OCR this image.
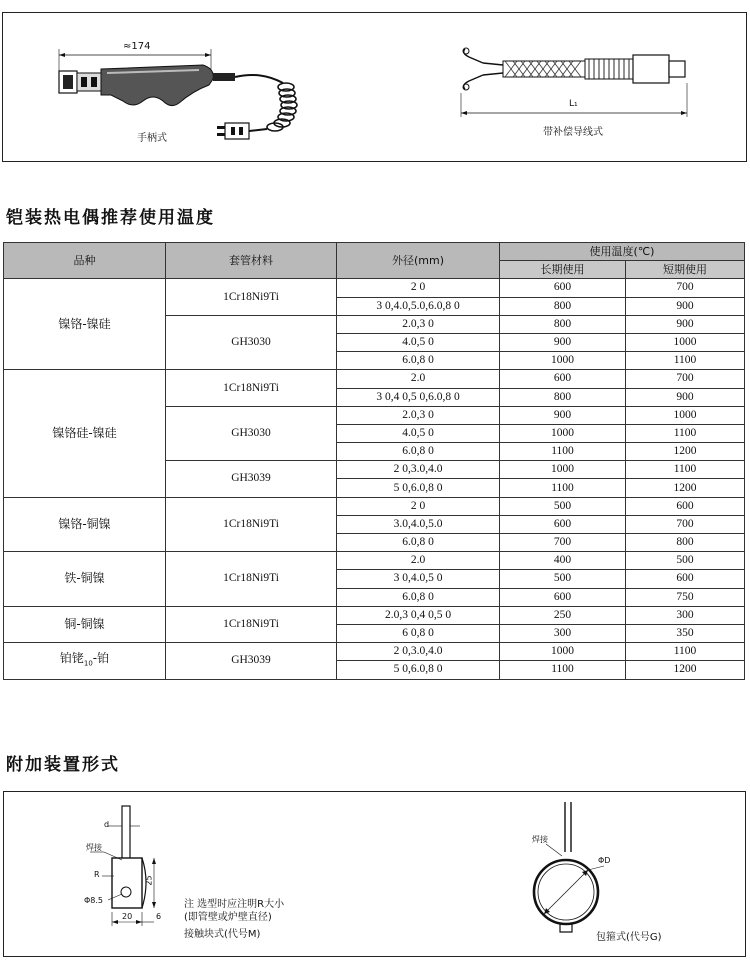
≈174
手柄式
L₁
带补偿导线式
铠装热电偶推荐使用温度
品种	套管材料	外径(mm)	使用温度(℃)	
			长期使用	短期使用
镍铬-镍硅	1Cr18Ni9Ti	2 0	600	700
		3 0,4.0,5.0,6.0,8 0	800	900
	GH3030	2.0,3 0	800	900
		4.0,5 0	900	1000
		6.0,8 0	1000	1100
镍铬硅-镍硅	1Cr18Ni9Ti	2.0	600	700
		3 0,4 0,5 0,6.0,8 0	800	900
	GH3030	2.0,3 0	900	1000
		4.0,5 0	1000	1100
		6.0,8 0	1100	1200
	GH3039	2 0,3.0,4.0	1000	1100
		5 0,6.0,8 0	1100	1200
镍铬-铜镍	1Cr18Ni9Ti	2 0	500	600
		3.0,4.0,5.0	600	700
		6.0,8 0	700	800
铁-铜镍	1Cr18Ni9Ti	2.0	400	500
		3 0,4.0,5 0	500	600
		6.0,8 0	600	750
铜-铜镍	1Cr18Ni9Ti	2.0,3 0,4 0,5 0	250	300
		6 0,8 0	300	350
铂铑$_{10}$-铂	GH3039	2 0,3.0,4.0	1000	1100
		5 0,6.0,8 0	1100	1200
附加装置形式
d
焊接
R
Φ8.5
25
20	6
注 选型时应注明R大小
(即管壁或炉壁直径)
接触块式(代号M)
焊接
ΦD
包箍式(代号G)
